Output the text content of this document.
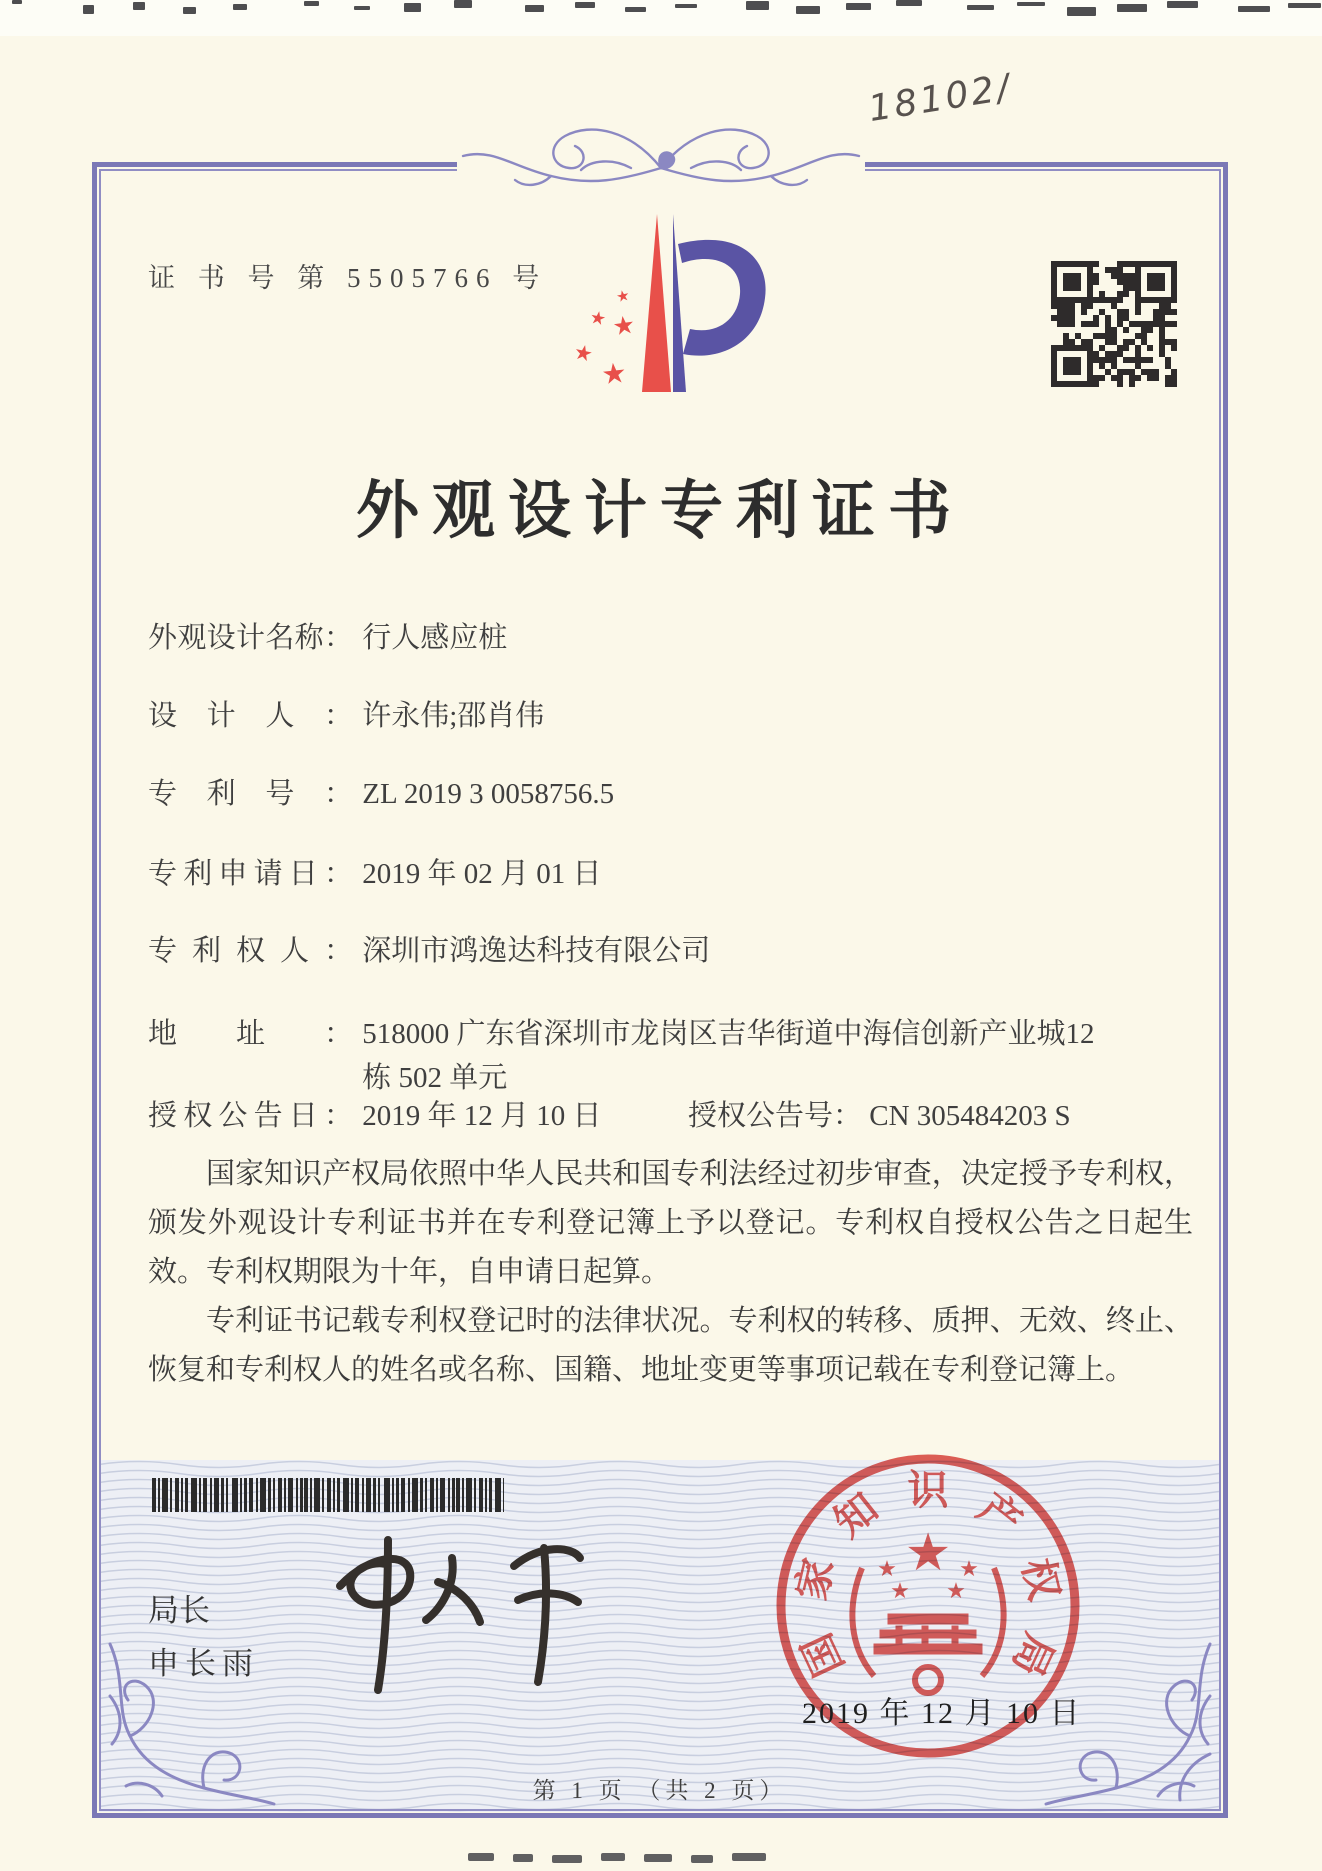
18102/
证 书 号 第 5505766 号
★
★ ★
★
★
外观设计专利证书
外观设计名称： 行人感应桩
设计人： 许永伟;邵肖伟
专利号： ZL 2019 3 0058756.5
专利申请日： 2019 年 02 月 01 日
专利权人： 深圳市鸿逸达科技有限公司
地址： 518000 广东省深圳市龙岗区吉华街道中海信创新产业城12 栋 502 单元
授权公告日： 2019 年 12 月 10 日	授权公告号： CN 305484203 S

国家知识产权局依照中华人民共和国专利法经过初步审查，决定授予专利权，颁发外观设计专利证书并在专利登记簿上予以登记。专利权自授权公告之日起生效。专利权期限为十年，自申请日起算。

专利证书记载专利权登记时的法律状况。专利权的转移、质押、无效、终止、恢复和专利权人的姓名或名称、国籍、地址变更等事项记载在专利登记簿上。

局长
申长雨	国
家
知 识 产
权
局
★
★	★
★ ★
2019 年 12 月 10 日
第 1 页 （共 2 页）
